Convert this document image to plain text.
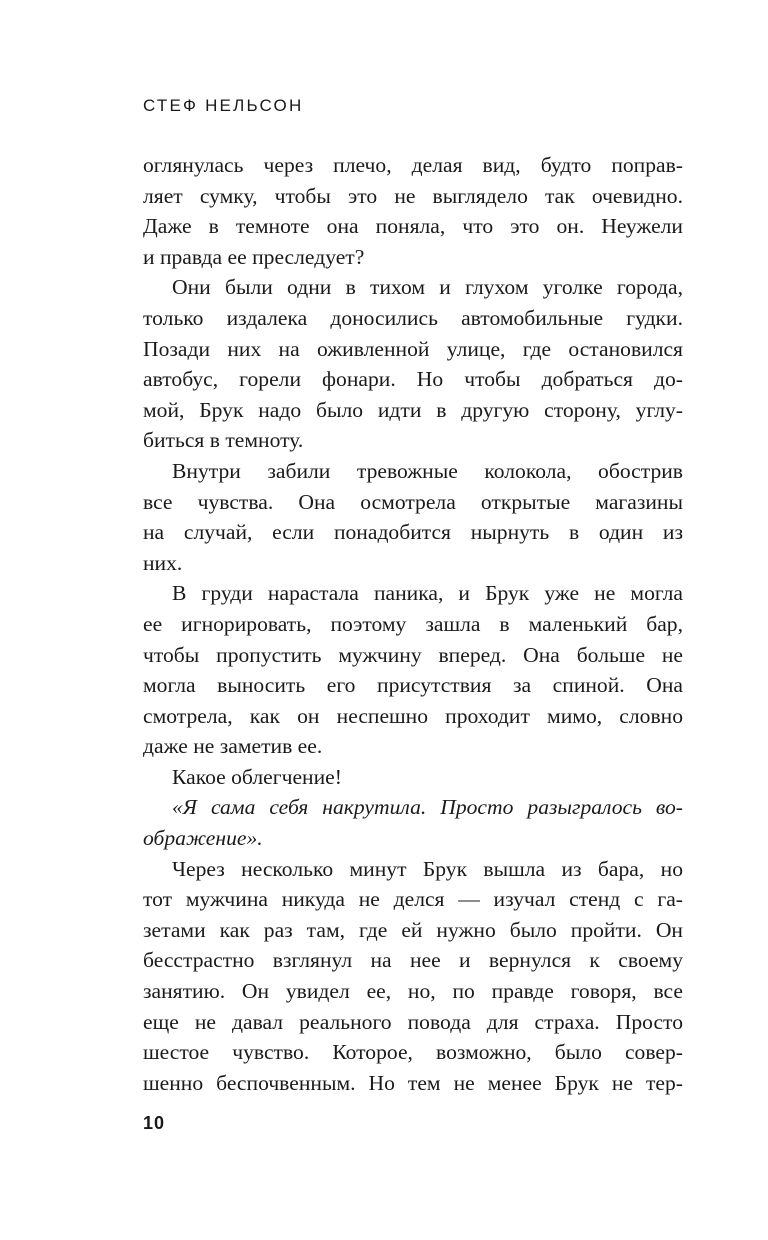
СТЕФ НЕЛЬСОН
оглянулась через плечо, делая вид, будто поправ-
ляет сумку, чтобы это не выглядело так очевидно.
Даже в темноте она поняла, что это он. Неужели
и правда ее преследует?
Они были одни в тихом и глухом уголке города,
только издалека доносились автомобильные гудки.
Позади них на оживленной улице, где остановился
автобус, горели фонари. Но чтобы добраться до-
мой, Брук надо было идти в другую сторону, углу-
биться в темноту.
Внутри забили тревожные колокола, обострив
все чувства. Она осмотрела открытые магазины
на случай, если понадобится нырнуть в один из
них.
В груди нарастала паника, и Брук уже не могла
ее игнорировать, поэтому зашла в маленький бар,
чтобы пропустить мужчину вперед. Она больше не
могла выносить его присутствия за спиной. Она
смотрела, как он неспешно проходит мимо, словно
даже не заметив ее.
Какое облегчение!
«Я сама себя накрутила. Просто разыгралось во-
ображение».
Через несколько минут Брук вышла из бара, но
тот мужчина никуда не делся — изучал стенд с га-
зетами как раз там, где ей нужно было пройти. Он
бесстрастно взглянул на нее и вернулся к своему
занятию. Он увидел ее, но, по правде говоря, все
еще не давал реального повода для страха. Просто
шестое чувство. Которое, возможно, было совер-
шенно беспочвенным. Но тем не менее Брук не тер-
10
